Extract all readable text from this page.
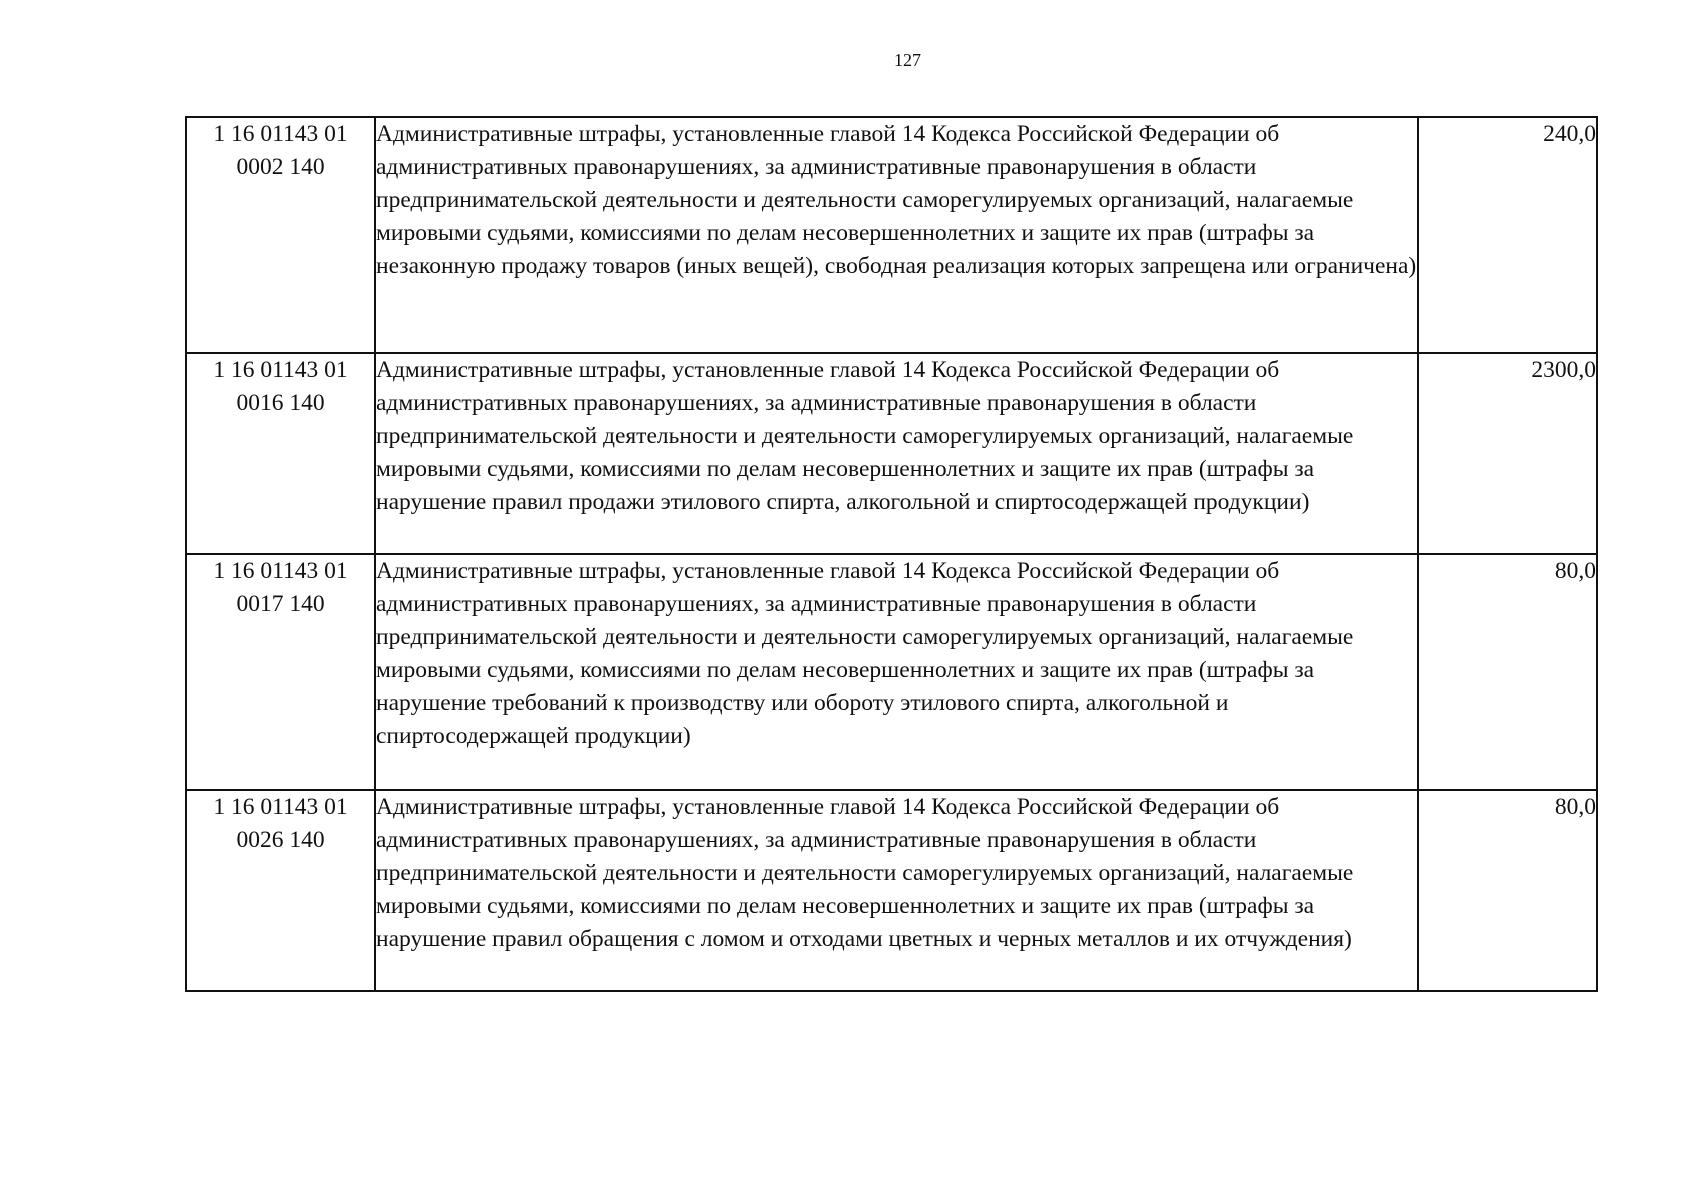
127
1 16 01143 01
0002 140	Административные штрафы, установленные главой 14 Кодекса Российской Федерации об административных правонарушениях, за административные правонарушения в области предпринимательской деятельности и деятельности саморегулируемых организаций, налагаемые мировыми судьями, комиссиями по делам несовершеннолетних и защите их прав (штрафы за незаконную продажу товаров (иных вещей), свободная реализация которых запрещена или ограничена)	240,0

1 16 01143 01
0016 140	Административные штрафы, установленные главой 14 Кодекса Российской Федерации об административных правонарушениях, за административные правонарушения в области предпринимательской деятельности и деятельности саморегулируемых организаций, налагаемые мировыми судьями, комиссиями по делам несовершеннолетних и защите их прав (штрафы за нарушение правил продажи этилового спирта, алкогольной и спиртосодержащей продукции)	2300,0

1 16 01143 01
0017 140	Административные штрафы, установленные главой 14 Кодекса Российской Федерации об административных правонарушениях, за административные правонарушения в области предпринимательской деятельности и деятельности саморегулируемых организаций, налагаемые мировыми судьями, комиссиями по делам несовершеннолетних и защите их прав (штрафы за нарушение требований к производству или обороту этилового спирта, алкогольной и спиртосодержащей продукции)	80,0

1 16 01143 01
0026 140	Административные штрафы, установленные главой 14 Кодекса Российской Федерации об административных правонарушениях, за административные правонарушения в области предпринимательской деятельности и деятельности саморегулируемых организаций, налагаемые мировыми судьями, комиссиями по делам несовершеннолетних и защите их прав (штрафы за нарушение правил обращения с ломом и отходами цветных и черных металлов и их отчуждения)	80,0
